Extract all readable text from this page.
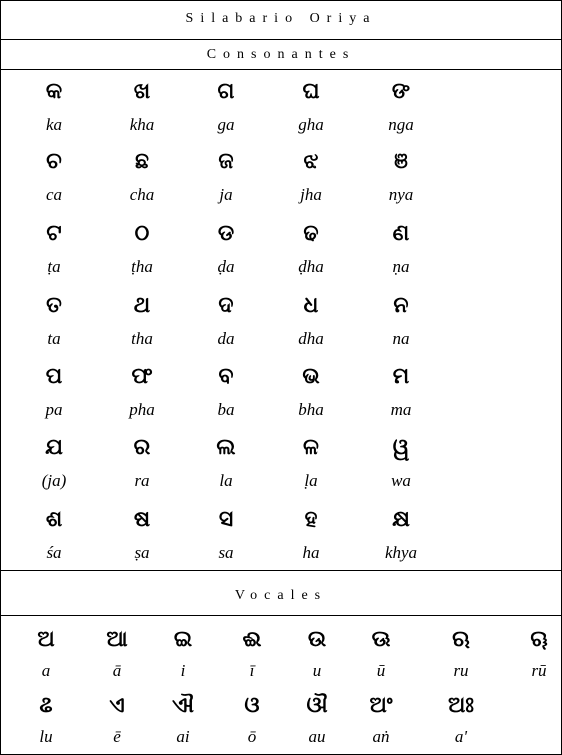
Silabario Oriya
Consonantes
କ
ka
ଖ
kha
ଗ
ga
ଘ
gha
ଙ
nga
ଚ
ca
ଛ
cha
ଜ
ja
ଝ
jha
ଞ
nya
ଟ
ṭa
ଠ
ṭha
ଡ
ḍa
ଢ
ḍha
ଣ
ṇa
ତ
ta
ଥ
tha
ଦ
da
ଧ
dha
ନ
na
ପ
pa
ଫ
pha
ବ
ba
ଭ
bha
ମ
ma
ଯ
(ja)
ର
ra
ଲ
la
ଳ
ḷa
ୱ
wa
ଶ
śa
ଷ
ṣa
ସ
sa
ହ
ha
କ୍ଷ
khya
Vocales
ଅ
a
ଆ
ā
ଇ
i
ଈ
ī
ଉ
u
ଊ
ū
ଋ
ru
ୠ
rū
ଌ
lu
ଏ
ē
ଐ
ai
ଓ
ō
ଔ
au
ଅଂ
aṅ
ଅଃ
a'
